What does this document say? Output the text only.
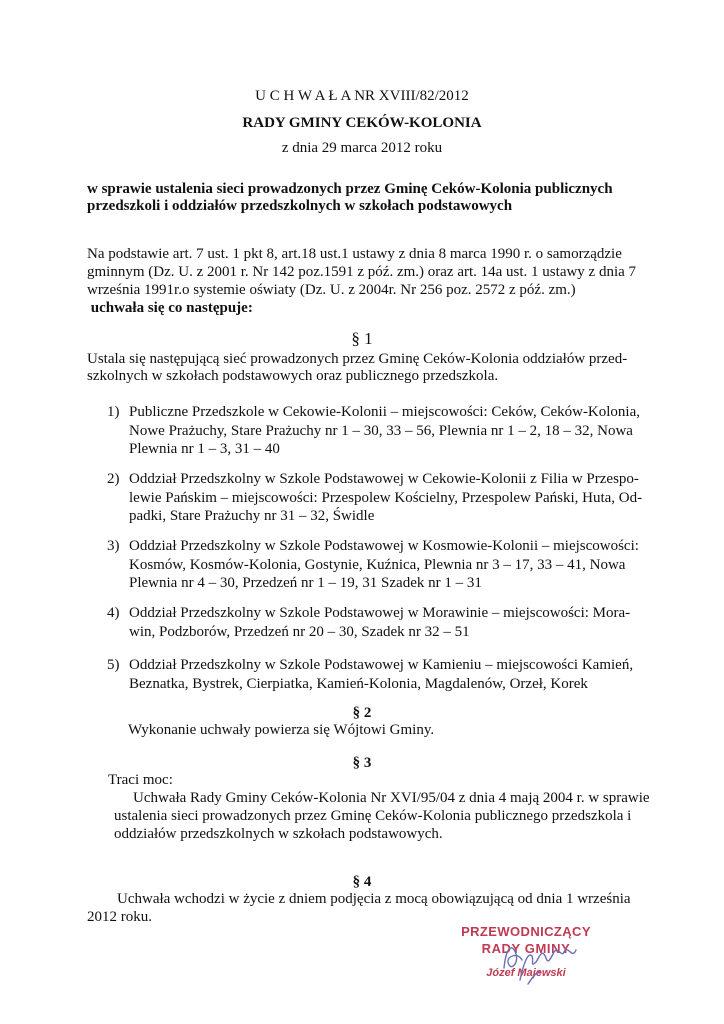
U C H W A Ł A NR XVIII/82/2012
RADY GMINY CEKÓW-KOLONIA
z dnia 29 marca 2012 roku
w sprawie ustalenia sieci prowadzonych przez Gminę Ceków-Kolonia publicznych
przedszkoli i oddziałów przedszkolnych w szkołach podstawowych
Na podstawie art. 7 ust. 1 pkt 8, art.18 ust.1 ustawy z dnia 8 marca 1990 r. o samorządzie
gminnym (Dz. U. z 2001 r. Nr 142 poz.1591 z póź. zm.) oraz art. 14a ust. 1 ustawy z dnia 7
września 1991r.o systemie oświaty (Dz. U. z 2004r. Nr 256 poz. 2572 z póź. zm.)
uchwała się co następuje:
§ 1
Ustala się następującą sieć prowadzonych przez Gminę Ceków-Kolonia oddziałów przed-
szkolnych w szkołach podstawowych oraz publicznego przedszkola.
1) Publiczne Przedszkole w Cekowie-Kolonii – miejscowości: Ceków, Ceków-Kolonia,
Nowe Prażuchy, Stare Prażuchy nr 1 – 30, 33 – 56, Plewnia nr 1 – 2, 18 – 32, Nowa
Plewnia nr 1 – 3, 31 – 40
2) Oddział Przedszkolny w Szkole Podstawowej w Cekowie-Kolonii z Filia w Przespo-
lewie Pańskim – miejscowości: Przespolew Kościelny, Przespolew Pański, Huta, Od-
padki, Stare Prażuchy nr 31 – 32, Świdle
3) Oddział Przedszkolny w Szkole Podstawowej w Kosmowie-Kolonii – miejscowości:
Kosmów, Kosmów-Kolonia, Gostynie, Kuźnica, Plewnia nr 3 – 17, 33 – 41, Nowa
Plewnia nr 4 – 30, Przedzeń nr 1 – 19, 31 Szadek nr 1 – 31
4) Oddział Przedszkolny w Szkole Podstawowej w Morawinie – miejscowości: Mora-
win, Podzborów, Przedzeń nr 20 – 30, Szadek nr 32 – 51
5) Oddział Przedszkolny w Szkole Podstawowej w Kamieniu – miejscowości Kamień,
Beznatka, Bystrek, Cierpiatka, Kamień-Kolonia, Magdalenów, Orzeł, Korek
§ 2
Wykonanie uchwały powierza się Wójtowi Gminy.
§ 3
Traci moc:
Uchwała Rady Gminy Ceków-Kolonia Nr XVI/95/04 z dnia 4 mają 2004 r. w sprawie
ustalenia sieci prowadzonych przez Gminę Ceków-Kolonia publicznego przedszkola i
oddziałów przedszkolnych w szkołach podstawowych.
§ 4
Uchwała wchodzi w życie z dniem podjęcia z mocą obowiązującą od dnia 1 września
2012 roku.
PRZEWODNICZĄCY
RADY GMINY
Józef Majewski
